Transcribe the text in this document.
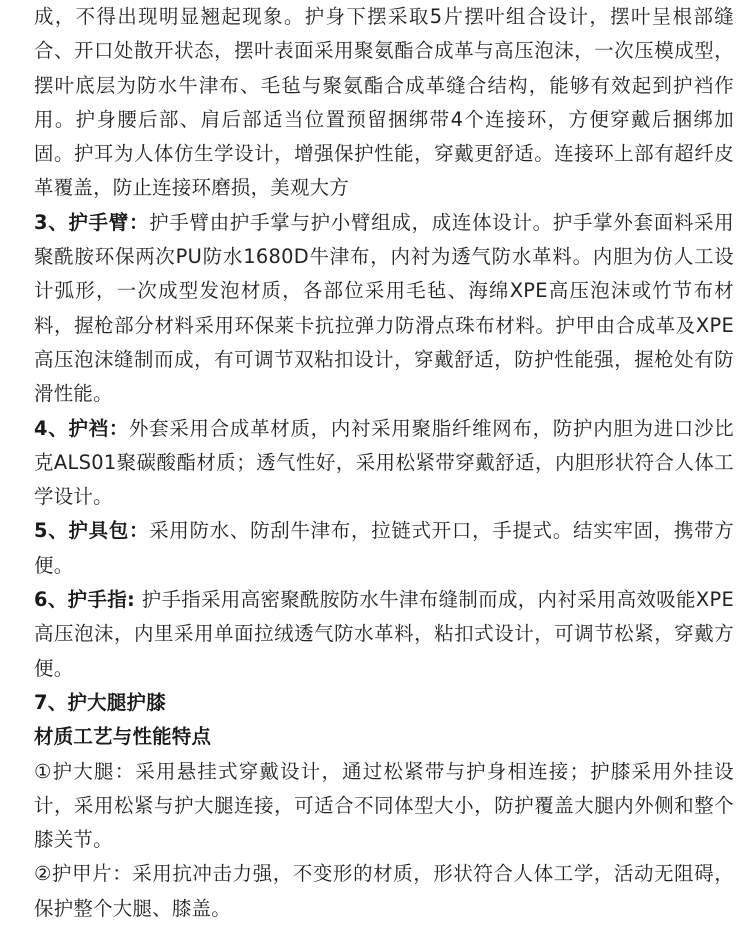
成，不得出现明显翘起现象。护身下摆采取5片摆叶组合设计，摆叶呈根部缝合、开口处散开状态，摆叶表面采用聚氨酯合成革与高压泡沫，一次压模成型，摆叶底层为防水牛津布、毛毡与聚氨酯合成革缝合结构，能够有效起到护裆作用。护身腰后部、肩后部适当位置预留捆绑带4个连接环，方便穿戴后捆绑加固。护耳为人体仿生学设计，增强保护性能，穿戴更舒适。连接环上部有超纤皮革覆盖，防止连接环磨损，美观大方

3、护手臂：护手臂由护手掌与护小臂组成，成连体设计。护手掌外套面料采用聚酰胺环保两次PU防水1680D牛津布，内衬为透气防水革料。内胆为仿人工设计弧形，一次成型发泡材质，各部位采用毛毡、海绵XPE高压泡沫或竹节布材料，握枪部分材料采用环保莱卡抗拉弹力防滑点珠布材料。护甲由合成革及XPE高压泡沫缝制而成，有可调节双粘扣设计，穿戴舒适，防护性能强，握枪处有防滑性能。

4、护裆：外套采用合成革材质，内衬采用聚脂纤维网布，防护内胆为进口沙比克ALS01聚碳酸酯材质；透气性好，采用松紧带穿戴舒适，内胆形状符合人体工学设计。

5、护具包：采用防水、防刮牛津布，拉链式开口，手提式。结实牢固，携带方便。

6、护手指: 护手指采用高密聚酰胺防水牛津布缝制而成，内衬采用高效吸能XPE高压泡沫，内里采用单面拉绒透气防水革料，粘扣式设计，可调节松紧，穿戴方便。

7、护大腿护膝

材质工艺与性能特点

①护大腿：采用悬挂式穿戴设计，通过松紧带与护身相连接；护膝采用外挂设计，采用松紧与护大腿连接，可适合不同体型大小，防护覆盖大腿内外侧和整个膝关节。

②护甲片：采用抗冲击力强，不变形的材质，形状符合人体工学，活动无阻碍，保护整个大腿、膝盖。
